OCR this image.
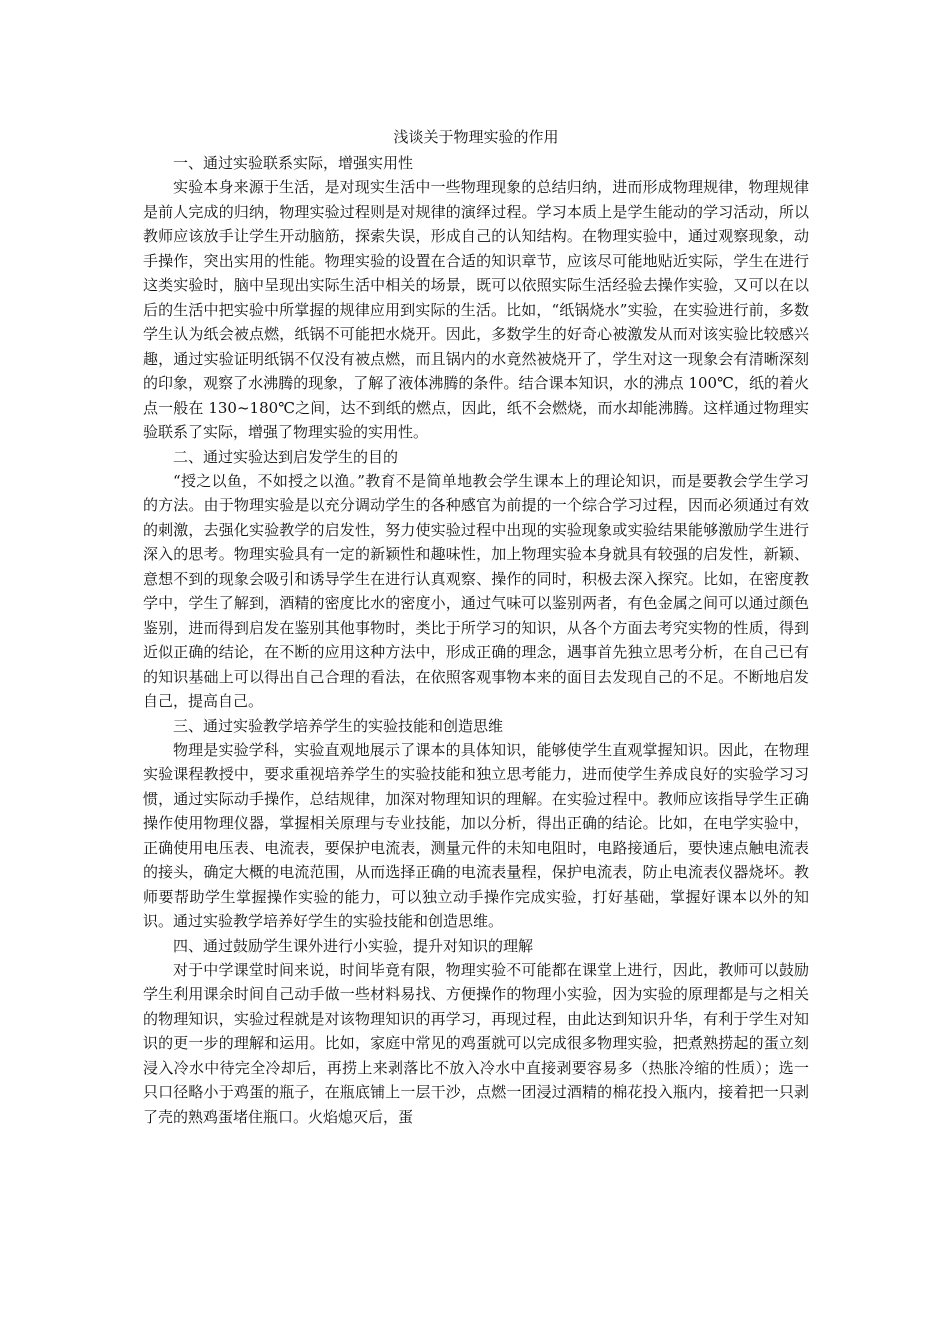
浅谈关于物理实验的作用

一、通过实验联系实际，增强实用性

实验本身来源于生活，是对现实生活中一些物理现象的总结归纳，进而形成物理规律，物理规律是前人完成的归纳，物理实验过程则是对规律的演绎过程。学习本质上是学生能动的学习活动，所以教师应该放手让学生开动脑筋，探索失误，形成自己的认知结构。在物理实验中，通过观察现象，动手操作，突出实用的性能。物理实验的设置在合适的知识章节，应该尽可能地贴近实际，学生在进行这类实验时，脑中呈现出实际生活中相关的场景，既可以依照实际生活经验去操作实验，又可以在以后的生活中把实验中所掌握的规律应用到实际的生活。比如，“纸锅烧水”实验，在实验进行前，多数学生认为纸会被点燃，纸锅不可能把水烧开。因此，多数学生的好奇心被激发从而对该实验比较感兴趣，通过实验证明纸锅不仅没有被点燃，而且锅内的水竟然被烧开了，学生对这一现象会有清晰深刻的印象，观察了水沸腾的现象，了解了液体沸腾的条件。结合课本知识，水的沸点 100℃，纸的着火点一般在 130~180℃之间，达不到纸的燃点，因此，纸不会燃烧，而水却能沸腾。这样通过物理实验联系了实际，增强了物理实验的实用性。

二、通过实验达到启发学生的目的

“授之以鱼，不如授之以渔。”教育不是简单地教会学生课本上的理论知识，而是要教会学生学习的方法。由于物理实验是以充分调动学生的各种感官为前提的一个综合学习过程，因而必须通过有效的刺激，去强化实验教学的启发性，努力使实验过程中出现的实验现象或实验结果能够激励学生进行深入的思考。物理实验具有一定的新颖性和趣味性，加上物理实验本身就具有较强的启发性，新颖、意想不到的现象会吸引和诱导学生在进行认真观察、操作的同时，积极去深入探究。比如，在密度教学中，学生了解到，酒精的密度比水的密度小，通过气味可以鉴别两者，有色金属之间可以通过颜色鉴别，进而得到启发在鉴别其他事物时，类比于所学习的知识，从各个方面去考究实物的性质，得到近似正确的结论，在不断的应用这种方法中，形成正确的理念，遇事首先独立思考分析，在自己已有的知识基础上可以得出自己合理的看法，在依照客观事物本来的面目去发现自己的不足。不断地启发自己，提高自己。

三、通过实验教学培养学生的实验技能和创造思维

物理是实验学科，实验直观地展示了课本的具体知识，能够使学生直观掌握知识。因此，在物理实验课程教授中，要求重视培养学生的实验技能和独立思考能力，进而使学生养成良好的实验学习习惯，通过实际动手操作，总结规律，加深对物理知识的理解。在实验过程中。教师应该指导学生正确操作使用物理仪器，掌握相关原理与专业技能，加以分析，得出正确的结论。比如，在电学实验中，正确使用电压表、电流表，要保护电流表，测量元件的未知电阻时，电路接通后，要快速点触电流表的接头，确定大概的电流范围，从而选择正确的电流表量程，保护电流表，防止电流表仪器烧坏。教师要帮助学生掌握操作实验的能力，可以独立动手操作完成实验，打好基础，掌握好课本以外的知识。通过实验教学培养好学生的实验技能和创造思维。

四、通过鼓励学生课外进行小实验，提升对知识的理解

对于中学课堂时间来说，时间毕竟有限，物理实验不可能都在课堂上进行，因此，教师可以鼓励学生利用课余时间自己动手做一些材料易找、方便操作的物理小实验，因为实验的原理都是与之相关的物理知识，实验过程就是对该物理知识的再学习，再现过程，由此达到知识升华，有利于学生对知识的更一步的理解和运用。比如，家庭中常见的鸡蛋就可以完成很多物理实验，把煮熟捞起的蛋立刻浸入冷水中待完全冷却后，再捞上来剥落比不放入冷水中直接剥要容易多（热胀冷缩的性质）；选一只口径略小于鸡蛋的瓶子，在瓶底铺上一层干沙，点燃一团浸过酒精的棉花投入瓶内，接着把一只剥了壳的熟鸡蛋堵住瓶口。火焰熄灭后，蛋
